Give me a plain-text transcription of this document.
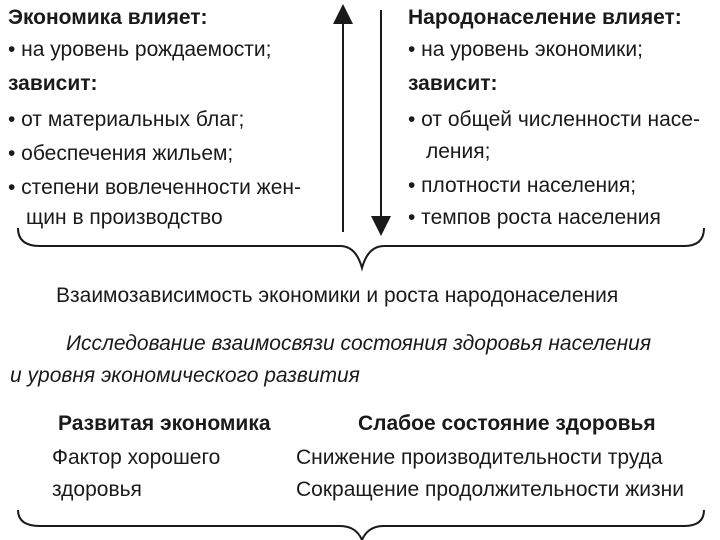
Экономика влияет:
• на уровень рождаемости;
зависит:
• от материальных благ;
• обеспечения жильем;
• степени вовлеченности жен-
щин в производство
Народонаселение влияет:
• на уровень экономики;
зависит:
• от общей численности насе-
ления;
• плотности населения;
• темпов роста населения
Взаимозависимость экономики и роста народонаселения
Исследование взаимосвязи состояния здоровья населения
и уровня экономического развития
Развитая экономика	Слабое состояние здоровья
Фактор хорошего
здоровья
Снижение производительности труда
Сокращение продолжительности жизни
